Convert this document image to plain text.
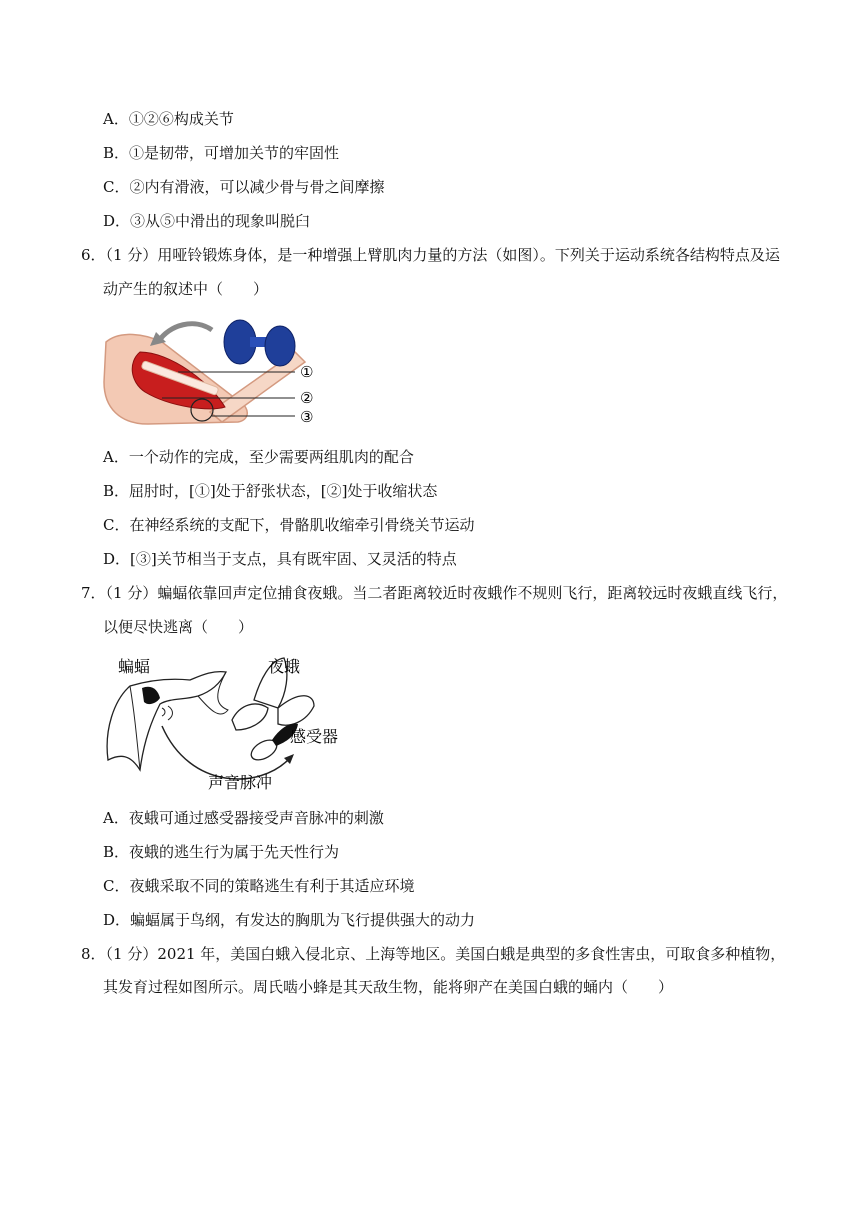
A．①②⑥构成关节
B．①是韧带，可增加关节的牢固性
C．②内有滑液，可以减少骨与骨之间摩擦
D．③从⑤中滑出的现象叫脱臼
6．（1 分）用哑铃锻炼身体，是一种增强上臂肌肉力量的方法（如图）。下列关于运动系统各结构特点及运
动产生的叙述中（　　）
①
②
③
A．一个动作的完成，至少需要两组肌肉的配合
B．屈肘时，[①]处于舒张状态，[②]处于收缩状态
C．在神经系统的支配下，骨骼肌收缩牵引骨绕关节运动
D．[③]关节相当于支点，具有既牢固、又灵活的特点
7．（1 分）蝙蝠依靠回声定位捕食夜蛾。当二者距离较近时夜蛾作不规则飞行，距离较远时夜蛾直线飞行，
以便尽快逃离（　　）
蝙蝠	夜蛾
感受器
声音脉冲
A．夜蛾可通过感受器接受声音脉冲的刺激
B．夜蛾的逃生行为属于先天性行为
C．夜蛾采取不同的策略逃生有利于其适应环境
D．蝙蝠属于鸟纲，有发达的胸肌为飞行提供强大的动力
8．（1 分）2021 年，美国白蛾入侵北京、上海等地区。美国白蛾是典型的多食性害虫，可取食多种植物，
其发育过程如图所示。周氏啮小蜂是其天敌生物，能将卵产在美国白蛾的蛹内（　　）
